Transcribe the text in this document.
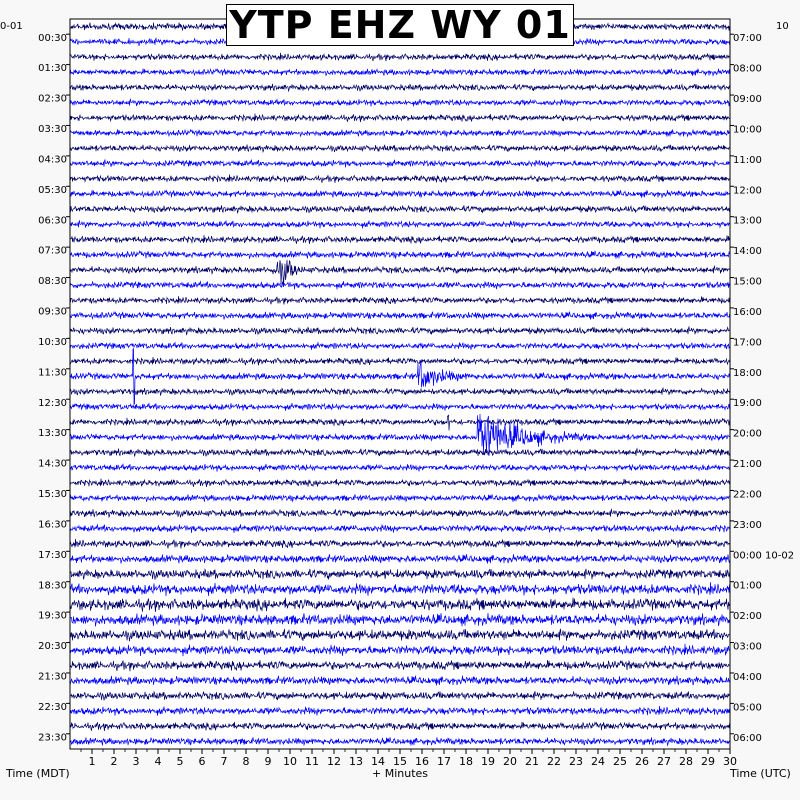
1 2 3 4 5 6 7 8 9 10 11 12 13 14 15 16 17 18 19 20 21 22 23 24 25 26 27 28 29 30
00:30
01:30
02:30
03:30
04:30
05:30
06:30
07:30
08:30
09:30
10:30
11:30
12:30
13:30
14:30
15:30
16:30
17:30
18:30
19:30
20:30
21:30
22:30
23:30
07:00
08:00
09:00
10:00
11:00
12:00
13:00
14:00
15:00
16:00
17:00
18:00
19:00
20:00
21:00
22:00
23:00
00:00 10-02
01:00
02:00
03:00
04:00
05:00
06:00
YTP EHZ WY 01
0-01	10
Time (MDT)	+ Minutes	Time (UTC)
